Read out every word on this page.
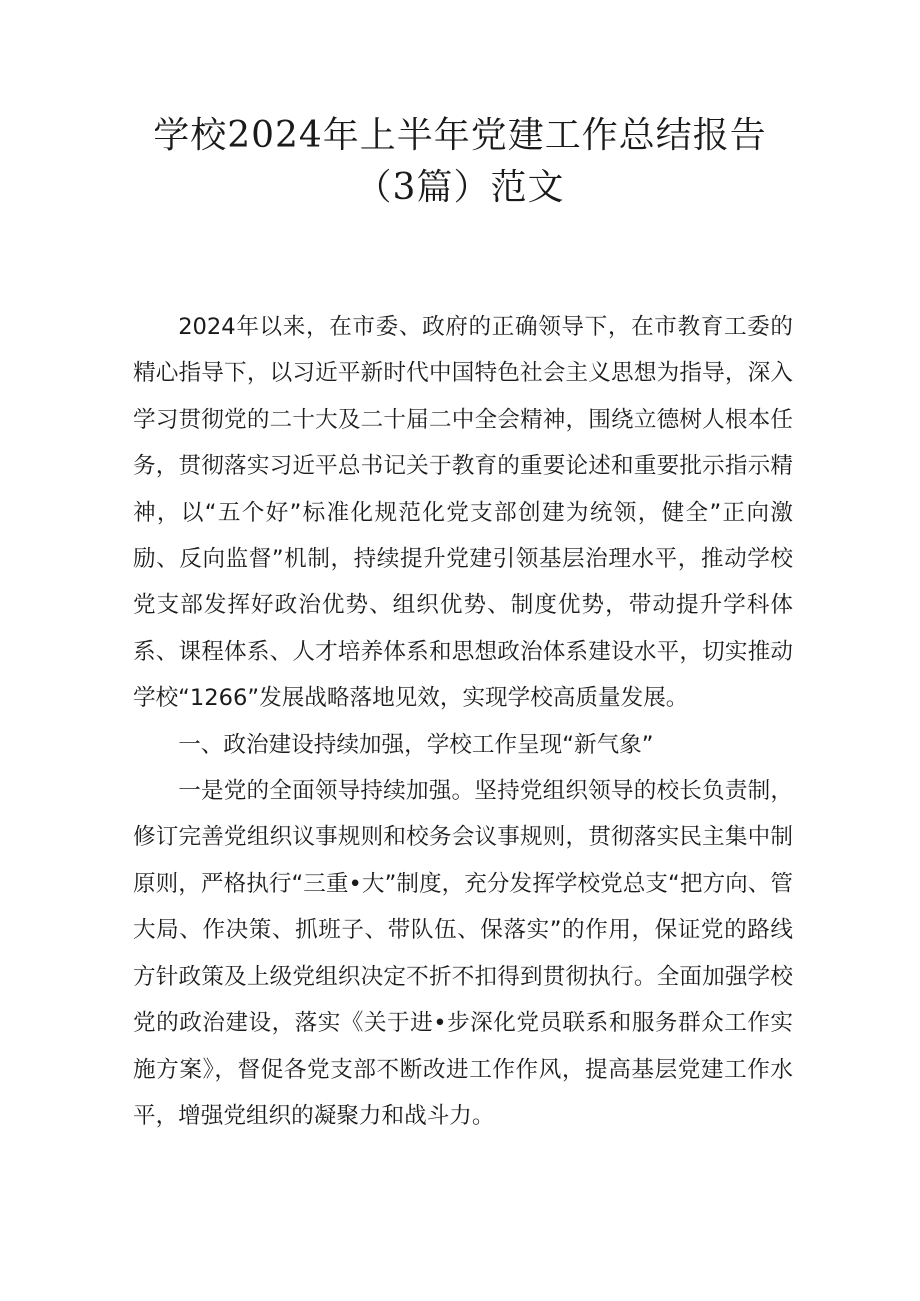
学校2024年上半年党建工作总结报告（3篇）范文

2024年以来，在市委、政府的正确领导下，在市教育工委的精心指导下，以习近平新时代中国特色社会主义思想为指导，深入学习贯彻党的二十大及二十届二中全会精神，围绕立德树人根本任务，贯彻落实习近平总书记关于教育的重要论述和重要批示指示精神，以“五个好”标准化规范化党支部创建为统领，健全”正向激励、反向监督”机制，持续提升党建引领基层治理水平，推动学校党支部发挥好政治优势、组织优势、制度优势，带动提升学科体系、课程体系、人才培养体系和思想政治体系建设水平，切实推动学校“1266”发展战略落地见效，实现学校高质量发展。

一、政治建设持续加强，学校工作呈现“新气象”

一是党的全面领导持续加强。坚持党组织领导的校长负责制，修订完善党组织议事规则和校务会议事规则，贯彻落实民主集中制原则，严格执行“三重•大”制度，充分发挥学校党总支“把方向、管大局、作决策、抓班子、带队伍、保落实”的作用，保证党的路线方针政策及上级党组织决定不折不扣得到贯彻执行。全面加强学校党的政治建设，落实《关于进•步深化党员联系和服务群众工作实施方案》，督促各党支部不断改进工作作风，提高基层党建工作水平，增强党组织的凝聚力和战斗力。
